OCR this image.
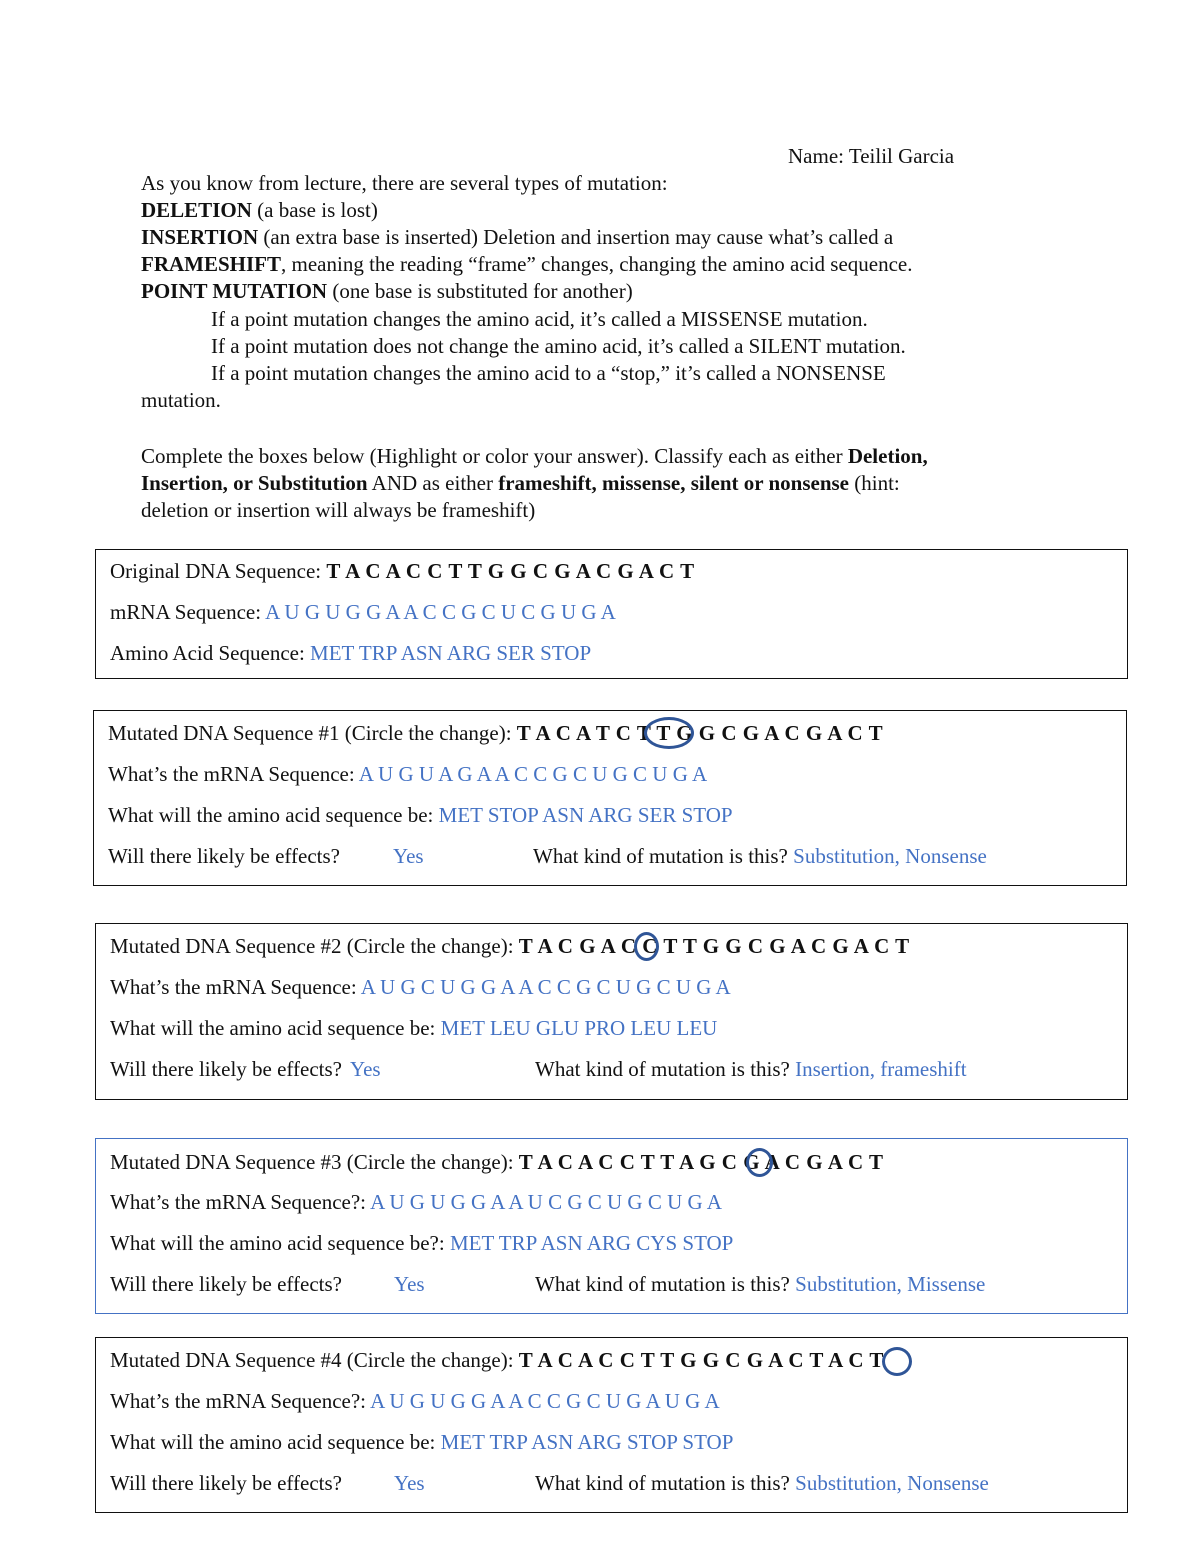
Name: Teilil Garcia
As you know from lecture, there are several types of mutation:
DELETION (a base is lost)
INSERTION (an extra base is inserted) Deletion and insertion may cause what’s called a
FRAMESHIFT, meaning the reading “frame” changes, changing the amino acid sequence.
POINT MUTATION (one base is substituted for another)
If a point mutation changes the amino acid, it’s called a MISSENSE mutation.
If a point mutation does not change the amino acid, it’s called a SILENT mutation.
If a point mutation changes the amino acid to a “stop,” it’s called a NONSENSE
mutation.
Complete the boxes below (Highlight or color your answer). Classify each as either Deletion,
Insertion, or Substitution AND as either frameshift, missense, silent or nonsense (hint:
deletion or insertion will always be frameshift)
Original DNA Sequence: T A C A C C T T G G C G A C G A C T
mRNA Sequence: A U G U G G A A C C G C U C G U G A
Amino Acid Sequence: MET TRP ASN ARG SER STOP
Mutated DNA Sequence #1 (Circle the change): T A C A T C T T G G C G A C G A C T
What’s the mRNA Sequence: A U G U A G A A C C G C U G C U G A
What will the amino acid sequence be: MET STOP ASN ARG SER STOP
Will there likely be effects?	Yes	What kind of mutation is this? Substitution, Nonsense
Mutated DNA Sequence #2 (Circle the change): T A C G A C C T T G G C G A C G A C T
What’s the mRNA Sequence: A U G C U G G A A C C G C U G C U G A
What will the amino acid sequence be: MET LEU GLU PRO LEU LEU
Will there likely be effects? Yes	What kind of mutation is this? Insertion, frameshift
Mutated DNA Sequence #3 (Circle the change): T A C A C C T T A G C G A C G A C T
What’s the mRNA Sequence?: A U G U G G A A U C G C U G C U G A
What will the amino acid sequence be?: MET TRP ASN ARG CYS STOP
Will there likely be effects? Yes	What kind of mutation is this? Substitution, Missense
Mutated DNA Sequence #4 (Circle the change): T A C A C C T T G G C G A C T A C T
What’s the mRNA Sequence?: A U G U G G A A C C G C U G A U G A
What will the amino acid sequence be: MET TRP ASN ARG STOP STOP
Will there likely be effects? Yes	What kind of mutation is this? Substitution, Nonsense
